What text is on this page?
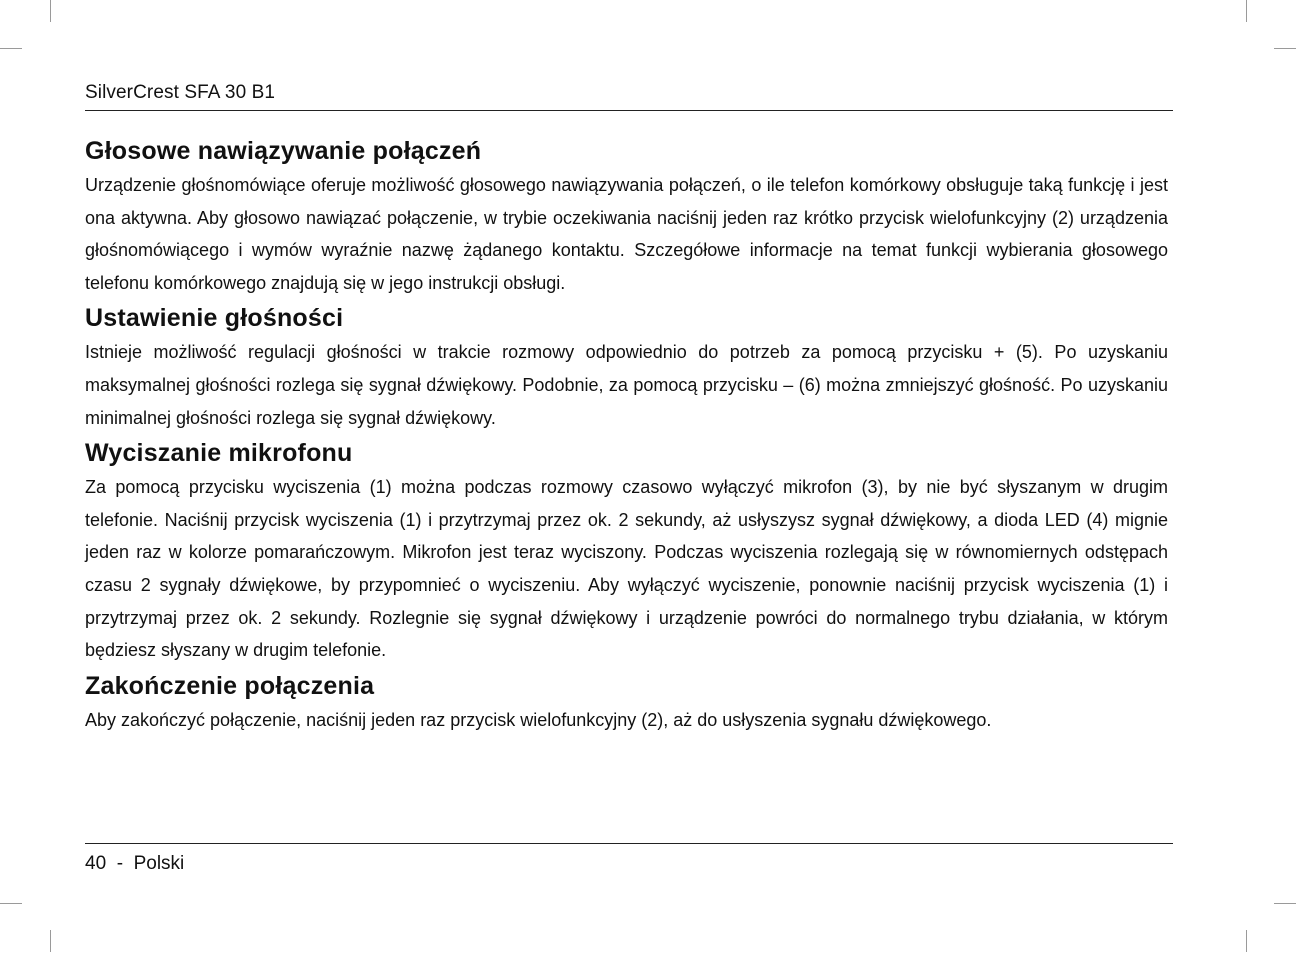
SilverCrest SFA 30 B1
Głosowe nawiązywanie połączeń

Urządzenie głośnomówiące oferuje możliwość głosowego nawiązywania połączeń, o ile telefon komórkowy obsługuje taką funkcję i jest ona aktywna. Aby głosowo nawiązać połączenie, w trybie oczekiwania naciśnij jeden raz krótko przycisk wielofunkcyjny (2) urządzenia głośnomówiącego i wymów wyraźnie nazwę żądanego kontaktu. Szczegółowe informacje na temat funkcji wybierania głosowego telefonu komórkowego znajdują się w jego instrukcji obsługi.

Ustawienie głośności

Istnieje możliwość regulacji głośności w trakcie rozmowy odpowiednio do potrzeb za pomocą przycisku + (5). Po uzyskaniu maksymalnej głośności rozlega się sygnał dźwiękowy. Podobnie, za pomocą przycisku – (6) można zmniejszyć głośność. Po uzyskaniu minimalnej głośności rozlega się sygnał dźwiękowy.

Wyciszanie mikrofonu

Za pomocą przycisku wyciszenia (1) można podczas rozmowy czasowo wyłączyć mikrofon (3), by nie być słyszanym w drugim telefonie. Naciśnij przycisk wyciszenia (1) i przytrzymaj przez ok. 2 sekundy, aż usłyszysz sygnał dźwiękowy, a dioda LED (4) mignie jeden raz w kolorze pomarańczowym. Mikrofon jest teraz wyciszony. Podczas wyciszenia rozlegają się w równomiernych odstępach czasu 2 sygnały dźwiękowe, by przypomnieć o wyciszeniu. Aby wyłączyć wyciszenie, ponownie naciśnij przycisk wyciszenia (1) i przytrzymaj przez ok. 2 sekundy. Rozlegnie się sygnał dźwiękowy i urządzenie powróci do normalnego trybu działania, w którym będziesz słyszany w drugim telefonie.

Zakończenie połączenia

Aby zakończyć połączenie, naciśnij jeden raz przycisk wielofunkcyjny (2), aż do usłyszenia sygnału dźwiękowego.

40  -  Polski
